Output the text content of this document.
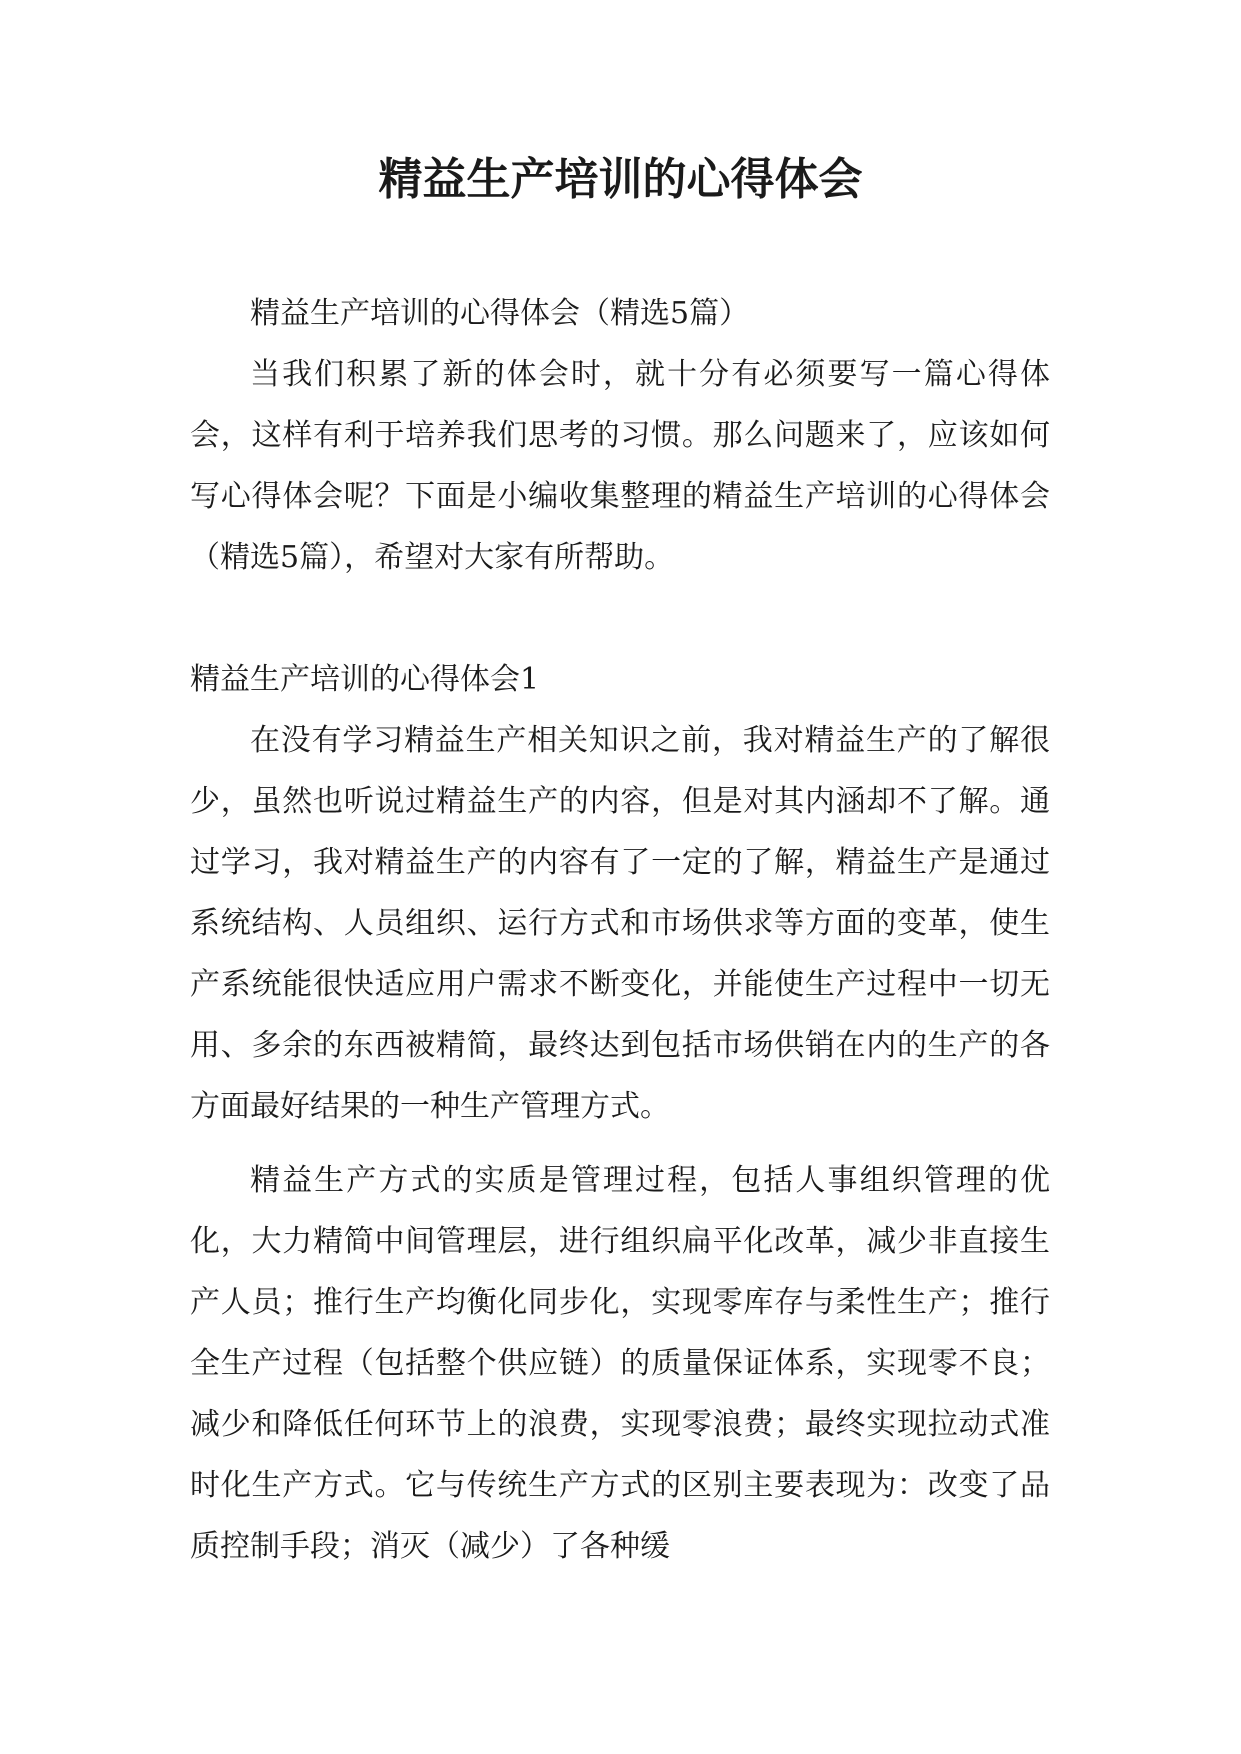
精益生产培训的心得体会

精益生产培训的心得体会（精选5篇）

当我们积累了新的体会时，就十分有必须要写一篇心得体会，这样有利于培养我们思考的习惯。那么问题来了，应该如何写心得体会呢？下面是小编收集整理的精益生产培训的心得体会（精选5篇），希望对大家有所帮助。

精益生产培训的心得体会1

在没有学习精益生产相关知识之前，我对精益生产的了解很少，虽然也听说过精益生产的内容，但是对其内涵却不了解。通过学习，我对精益生产的内容有了一定的了解，精益生产是通过系统结构、人员组织、运行方式和市场供求等方面的变革，使生产系统能很快适应用户需求不断变化，并能使生产过程中一切无用、多余的东西被精简，最终达到包括市场供销在内的生产的各方面最好结果的一种生产管理方式。

精益生产方式的实质是管理过程，包括人事组织管理的优化，大力精简中间管理层，进行组织扁平化改革，减少非直接生产人员；推行生产均衡化同步化，实现零库存与柔性生产；推行全生产过程（包括整个供应链）的质量保证体系，实现零不良；减少和降低任何环节上的浪费，实现零浪费；最终实现拉动式准时化生产方式。它与传统生产方式的区别主要表现为：改变了品质控制手段；消灭（减少）了各种缓
